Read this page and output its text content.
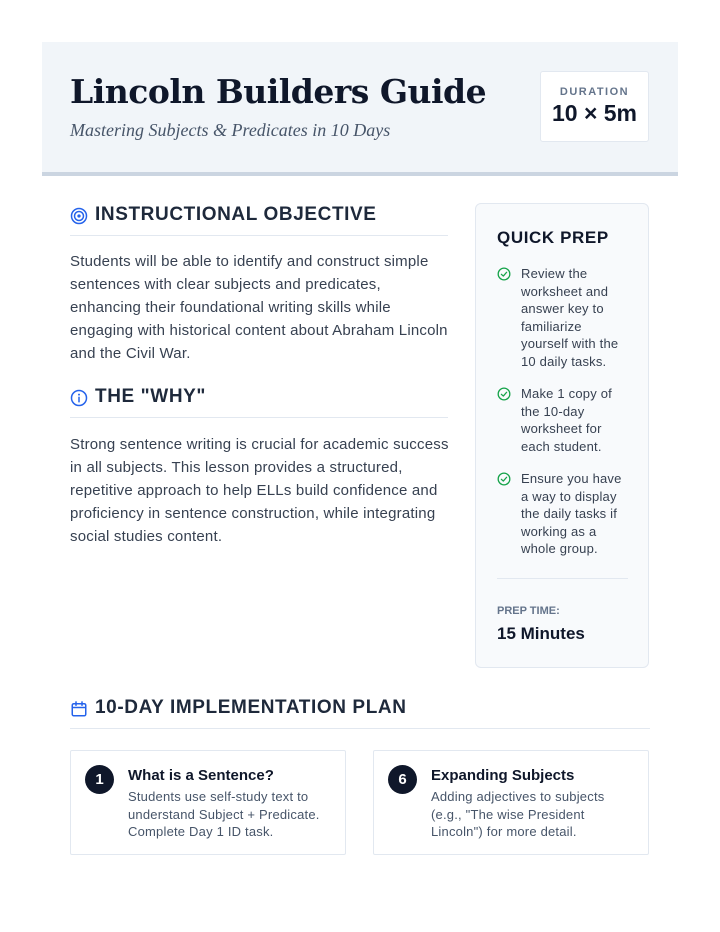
Lincoln Builders Guide
Mastering Subjects & Predicates in 10 Days
DURATION
10 × 5m
INSTRUCTIONAL OBJECTIVE
Students will be able to identify and construct simple sentences with clear subjects and predicates, enhancing their foundational writing skills while engaging with historical content about Abraham Lincoln and the Civil War.
THE "WHY"
Strong sentence writing is crucial for academic success in all subjects. This lesson provides a structured, repetitive approach to help ELLs build confidence and proficiency in sentence construction, while integrating social studies content.
QUICK PREP
Review the worksheet and answer key to familiarize yourself with the 10 daily tasks.
Make 1 copy of the 10-day worksheet for each student.
Ensure you have a way to display the daily tasks if working as a whole group.
PREP TIME:
15 Minutes
10-DAY IMPLEMENTATION PLAN
1	What is a Sentence?
Students use self-study text to understand Subject + Predicate. Complete Day 1 ID task.
6	Expanding Subjects
Adding adjectives to subjects (e.g., "The wise President Lincoln") for more detail.
